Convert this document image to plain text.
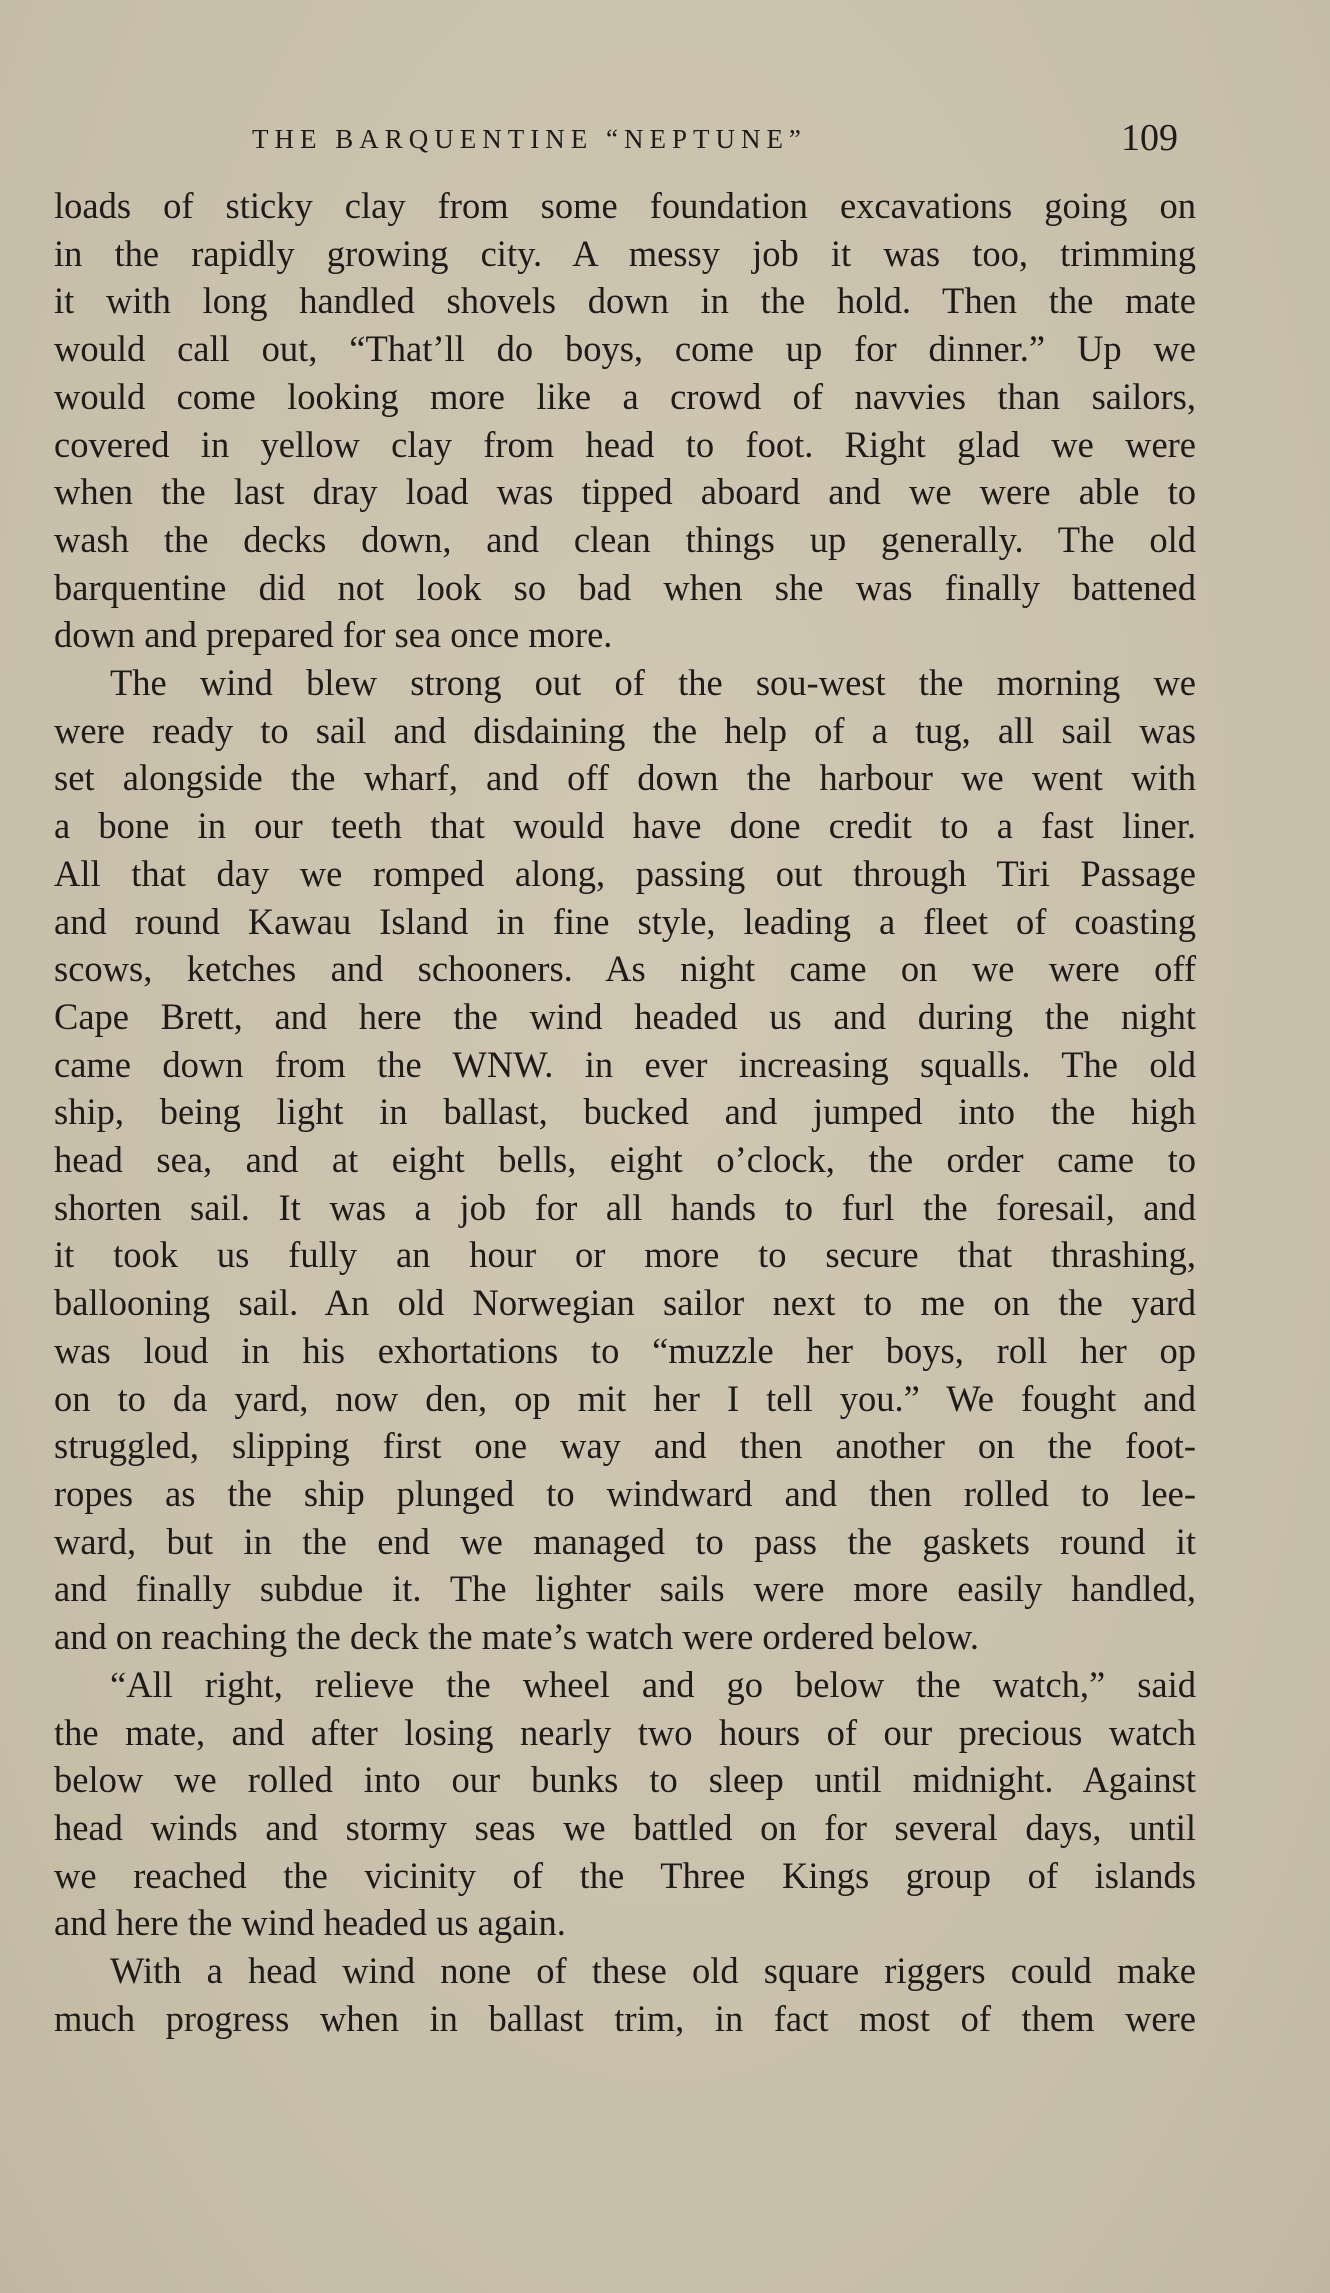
THE BARQUENTINE “NEPTUNE”	109

loads of sticky clay from some foundation excavations going on
in the rapidly growing city. A messy job it was too, trimming
it with long handled shovels down in the hold. Then the mate
would call out, “That’ll do boys, come up for dinner.” Up we
would come looking more like a crowd of navvies than sailors,
covered in yellow clay from head to foot. Right glad we were
when the last dray load was tipped aboard and we were able to
wash the decks down, and clean things up generally. The old
barquentine did not look so bad when she was finally battened
down and prepared for sea once more.

The wind blew strong out of the sou-west the morning we
were ready to sail and disdaining the help of a tug, all sail was
set alongside the wharf, and off down the harbour we went with
a bone in our teeth that would have done credit to a fast liner.
All that day we romped along, passing out through Tiri Passage
and round Kawau Island in fine style, leading a fleet of coasting
scows, ketches and schooners. As night came on we were off
Cape Brett, and here the wind headed us and during the night
came down from the WNW. in ever increasing squalls. The old
ship, being light in ballast, bucked and jumped into the high
head sea, and at eight bells, eight o’clock, the order came to
shorten sail. It was a job for all hands to furl the foresail, and
it took us fully an hour or more to secure that thrashing,
ballooning sail. An old Norwegian sailor next to me on the yard
was loud in his exhortations to “muzzle her boys, roll her op
on to da yard, now den, op mit her I tell you.” We fought and
struggled, slipping first one way and then another on the foot-
ropes as the ship plunged to windward and then rolled to lee-
ward, but in the end we managed to pass the gaskets round it
and finally subdue it. The lighter sails were more easily handled,
and on reaching the deck the mate’s watch were ordered below.

“All right, relieve the wheel and go below the watch,” said
the mate, and after losing nearly two hours of our precious watch
below we rolled into our bunks to sleep until midnight. Against
head winds and stormy seas we battled on for several days, until
we reached the vicinity of the Three Kings group of islands
and here the wind headed us again.

With a head wind none of these old square riggers could make
much progress when in ballast trim, in fact most of them were
